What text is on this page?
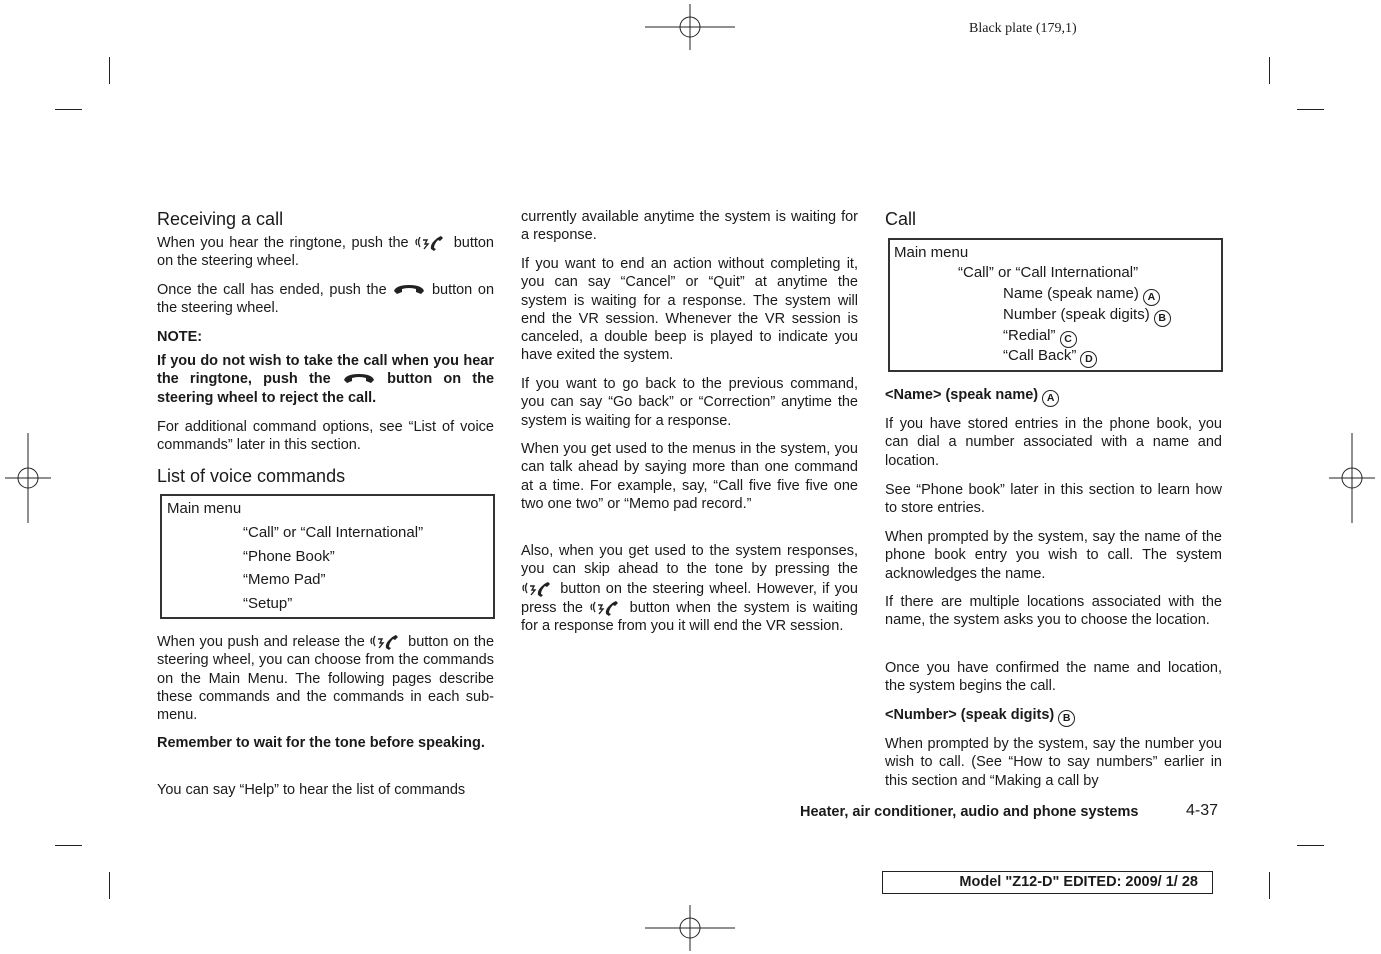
Black plate (179,1)
Receiving a call

When you hear the ringtone, push the	button on the steering wheel.

Once the call has ended, push the	button on the steering wheel.

NOTE:

If you do not wish to take the call when you hear the ringtone, push the	button on the steering wheel to reject the call.

For additional command options, see “List of voice commands” later in this section.

List of voice commands
Main menu
“Call” or “Call International”
“Phone Book”
“Memo Pad”
“Setup”

When you push and release the	button on the steering wheel, you can choose from the commands on the Main Menu. The following pages describe these commands and the commands in each sub-menu.

Remember to wait for the tone before speaking.

You can say “Help” to hear the list of commands

currently available anytime the system is waiting for a response.

If you want to end an action without completing it, you can say “Cancel” or “Quit” at anytime the system is waiting for a response. The system will end the VR session. Whenever the VR session is canceled, a double beep is played to indicate you have exited the system.

If you want to go back to the previous command, you can say “Go back” or “Correction” anytime the system is waiting for a response.

When you get used to the menus in the system, you can talk ahead by saying more than one command at a time. For example, say, “Call five five five one two one two” or “Memo pad record.”

Also, when you get used to the system responses, you can skip ahead to the tone by pressing the  button on the steering wheel. However, if you press the	button when the system is waiting for a response from you it will end the VR session.

Call
Main menu
“Call” or “Call International”
Name (speak name) A
Number (speak digits) B
“Redial” C
“Call Back” D

<Name> (speak name) A

If you have stored entries in the phone book, you can dial a number associated with a name and location.

See “Phone book” later in this section to learn how to store entries.

When prompted by the system, say the name of the phone book entry you wish to call. The system acknowledges the name.

If there are multiple locations associated with the name, the system asks you to choose the location.

Once you have confirmed the name and location, the system begins the call.

<Number> (speak digits) B

When prompted by the system, say the number you wish to call. (See “How to say numbers” earlier in this section and “Making a call by

Heater, air conditioner, audio and phone systems	4-37
Model "Z12-D" EDITED: 2009/ 1/ 28
